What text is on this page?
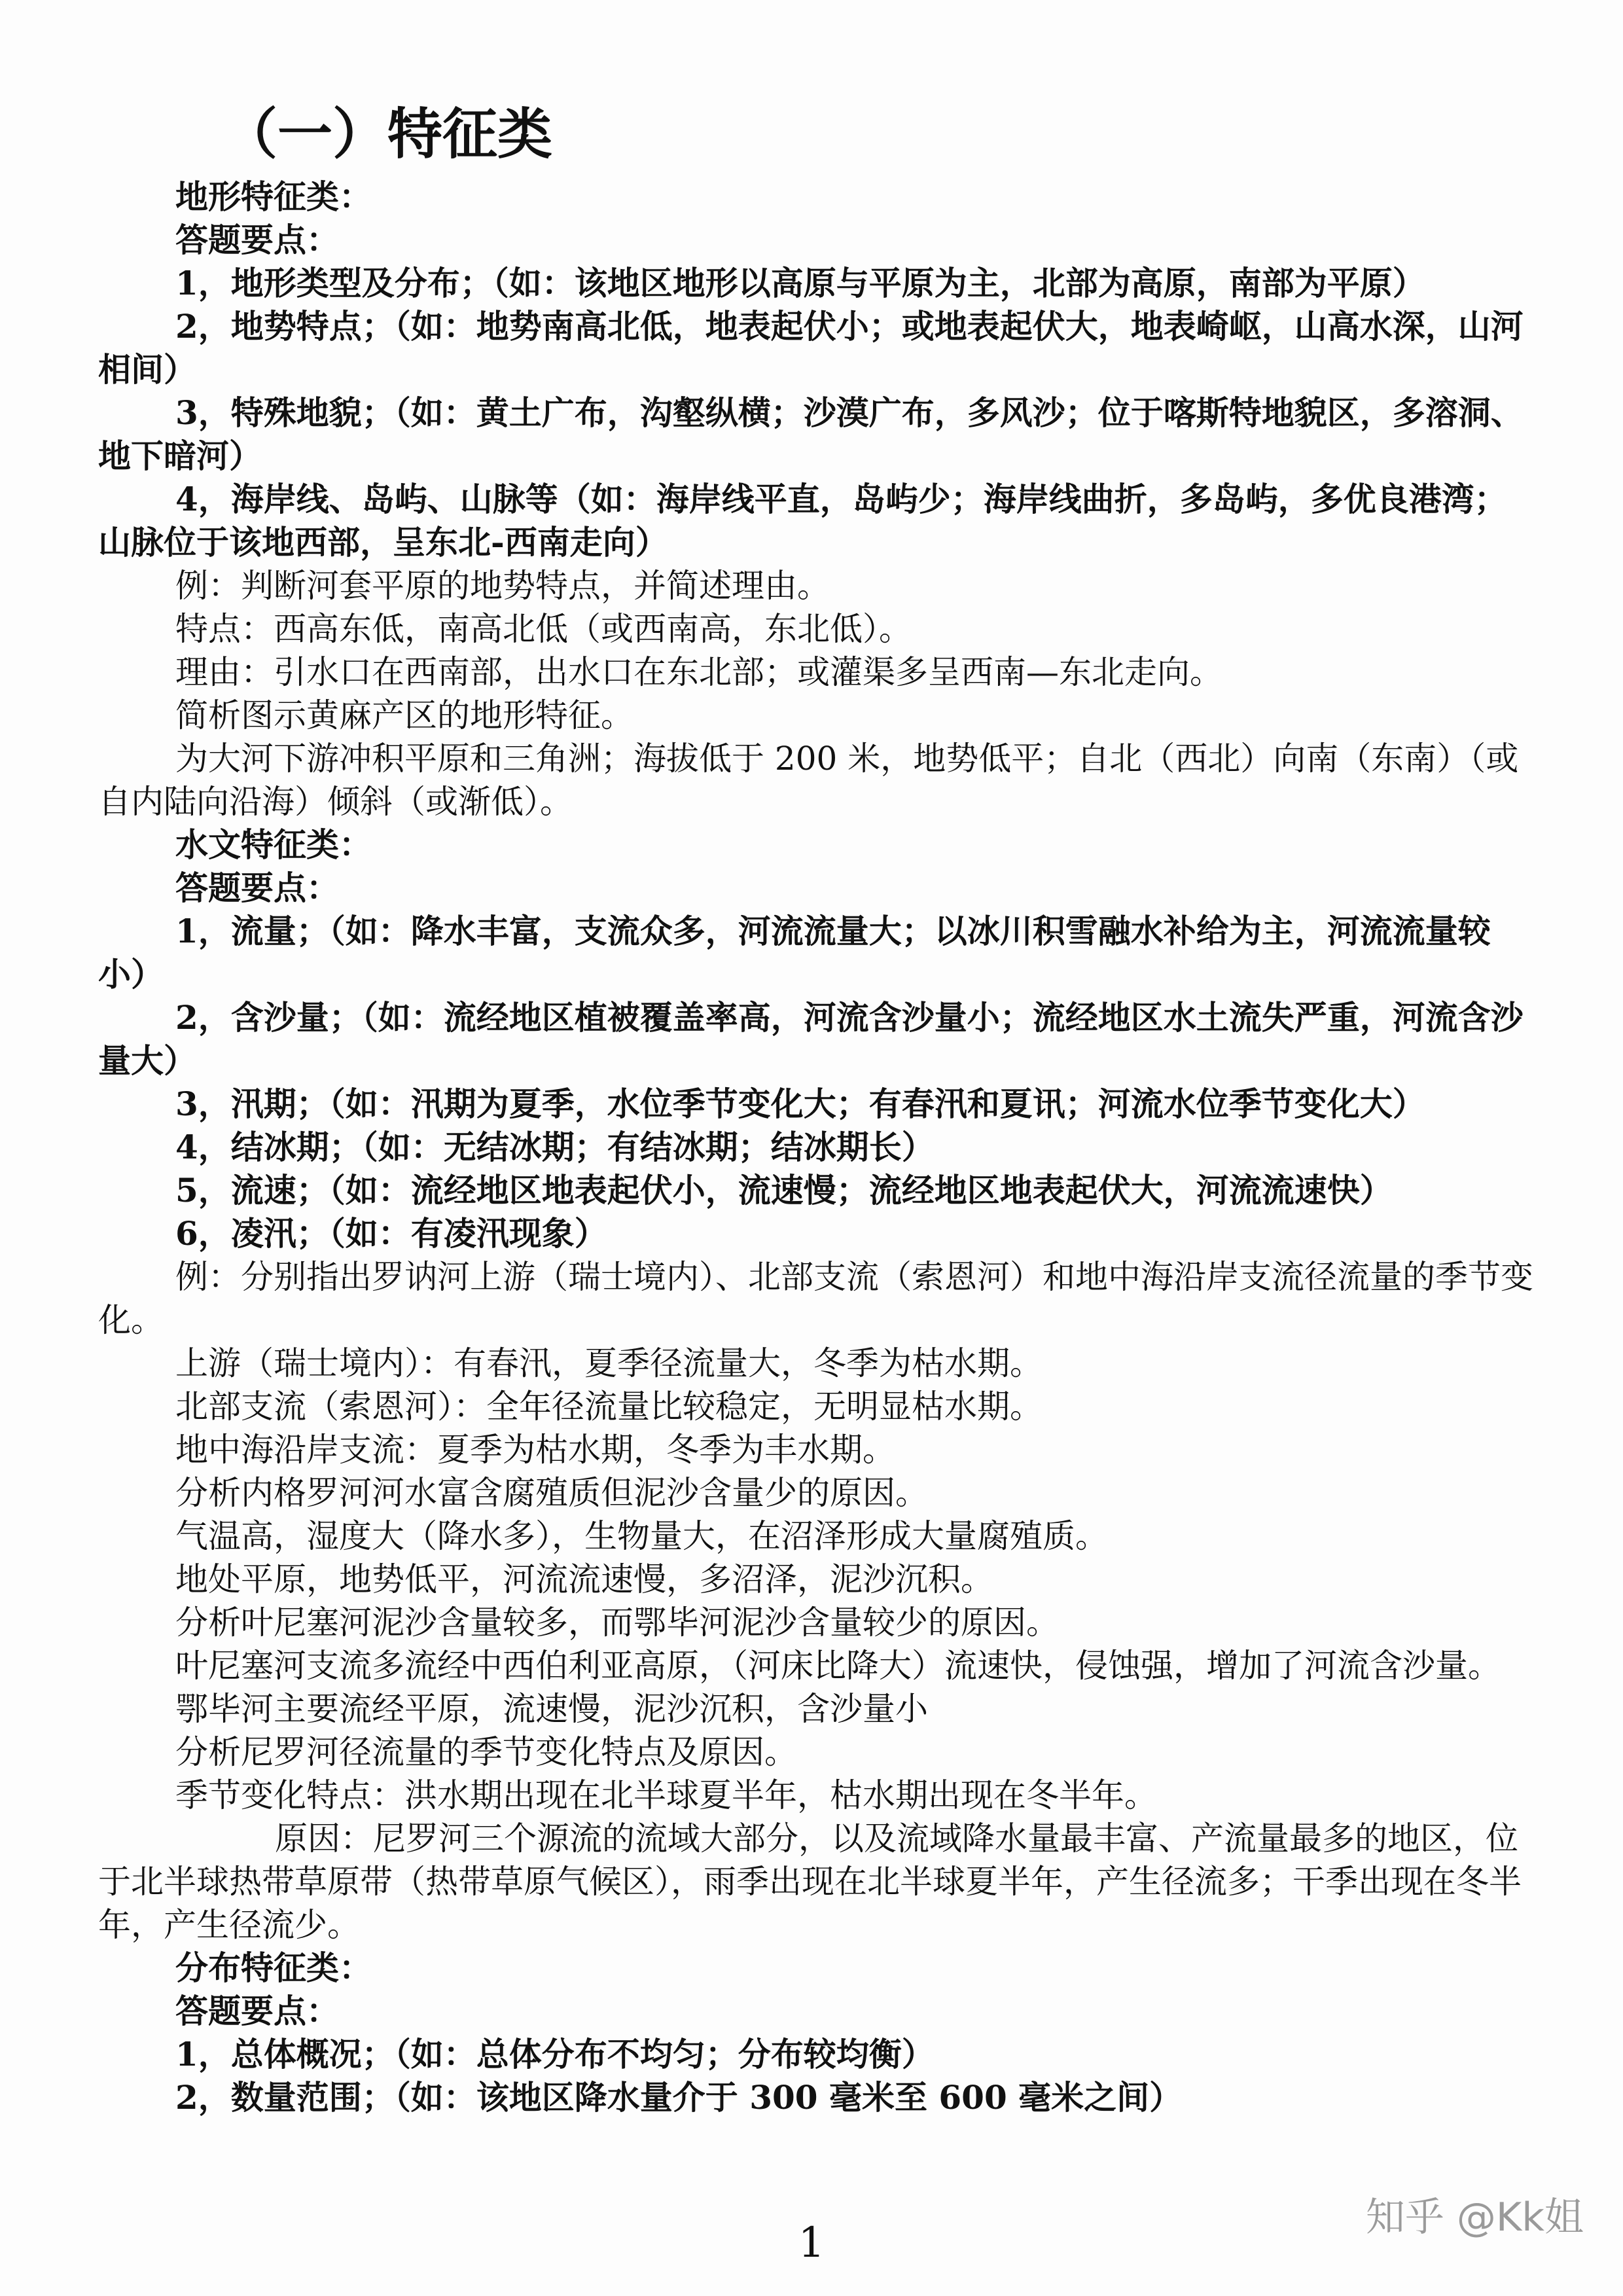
（一）特征类
地形特征类：
答题要点：
1，地形类型及分布；（如：该地区地形以高原与平原为主，北部为高原，南部为平原）
2，地势特点；（如：地势南高北低，地表起伏小；或地表起伏大，地表崎岖，山高水深，山河相间）
3，特殊地貌；（如：黄土广布，沟壑纵横；沙漠广布，多风沙；位于喀斯特地貌区，多溶洞、地下暗河）
4，海岸线、岛屿、山脉等（如：海岸线平直，岛屿少；海岸线曲折，多岛屿，多优良港湾；山脉位于该地西部，呈东北-西南走向）
例：判断河套平原的地势特点，并简述理由。
特点：西高东低，南高北低（或西南高，东北低）。
理由：引水口在西南部，出水口在东北部；或灌渠多呈西南—东北走向。
简析图示黄麻产区的地形特征。
为大河下游冲积平原和三角洲；海拔低于 200 米，地势低平；自北（西北）向南（东南）（或自内陆向沿海）倾斜（或渐低）。
水文特征类：
答题要点：
1，流量；（如：降水丰富，支流众多，河流流量大；以冰川积雪融水补给为主，河流流量较小）
2，含沙量；（如：流经地区植被覆盖率高，河流含沙量小；流经地区水土流失严重，河流含沙量大）
3，汛期；（如：汛期为夏季，水位季节变化大；有春汛和夏讯；河流水位季节变化大）
4，结冰期；（如：无结冰期；有结冰期；结冰期长）
5，流速；（如：流经地区地表起伏小，流速慢；流经地区地表起伏大，河流流速快）
6，凌汛；（如：有凌汛现象）
例：分别指出罗讷河上游（瑞士境内）、北部支流（索恩河）和地中海沿岸支流径流量的季节变化。
上游（瑞士境内）：有春汛，夏季径流量大，冬季为枯水期。
北部支流（索恩河）：全年径流量比较稳定，无明显枯水期。
地中海沿岸支流：夏季为枯水期，冬季为丰水期。
分析内格罗河河水富含腐殖质但泥沙含量少的原因。
气温高，湿度大（降水多），生物量大，在沼泽形成大量腐殖质。
地处平原，地势低平，河流流速慢，多沼泽，泥沙沉积。
分析叶尼塞河泥沙含量较多，而鄂毕河泥沙含量较少的原因。
叶尼塞河支流多流经中西伯利亚高原，（河床比降大）流速快，侵蚀强，增加了河流含沙量。
鄂毕河主要流经平原，流速慢，泥沙沉积，含沙量小
分析尼罗河径流量的季节变化特点及原因。
季节变化特点：洪水期出现在北半球夏半年，枯水期出现在冬半年。
原因：尼罗河三个源流的流域大部分，以及流域降水量最丰富、产流量最多的地区，位于北半球热带草原带（热带草原气候区），雨季出现在北半球夏半年，产生径流多；干季出现在冬半年，产生径流少。
分布特征类：
答题要点：
1，总体概况；（如：总体分布不均匀；分布较均衡）
2，数量范围；（如：该地区降水量介于 300 毫米至 600 毫米之间）
知乎 @Kk姐
1
